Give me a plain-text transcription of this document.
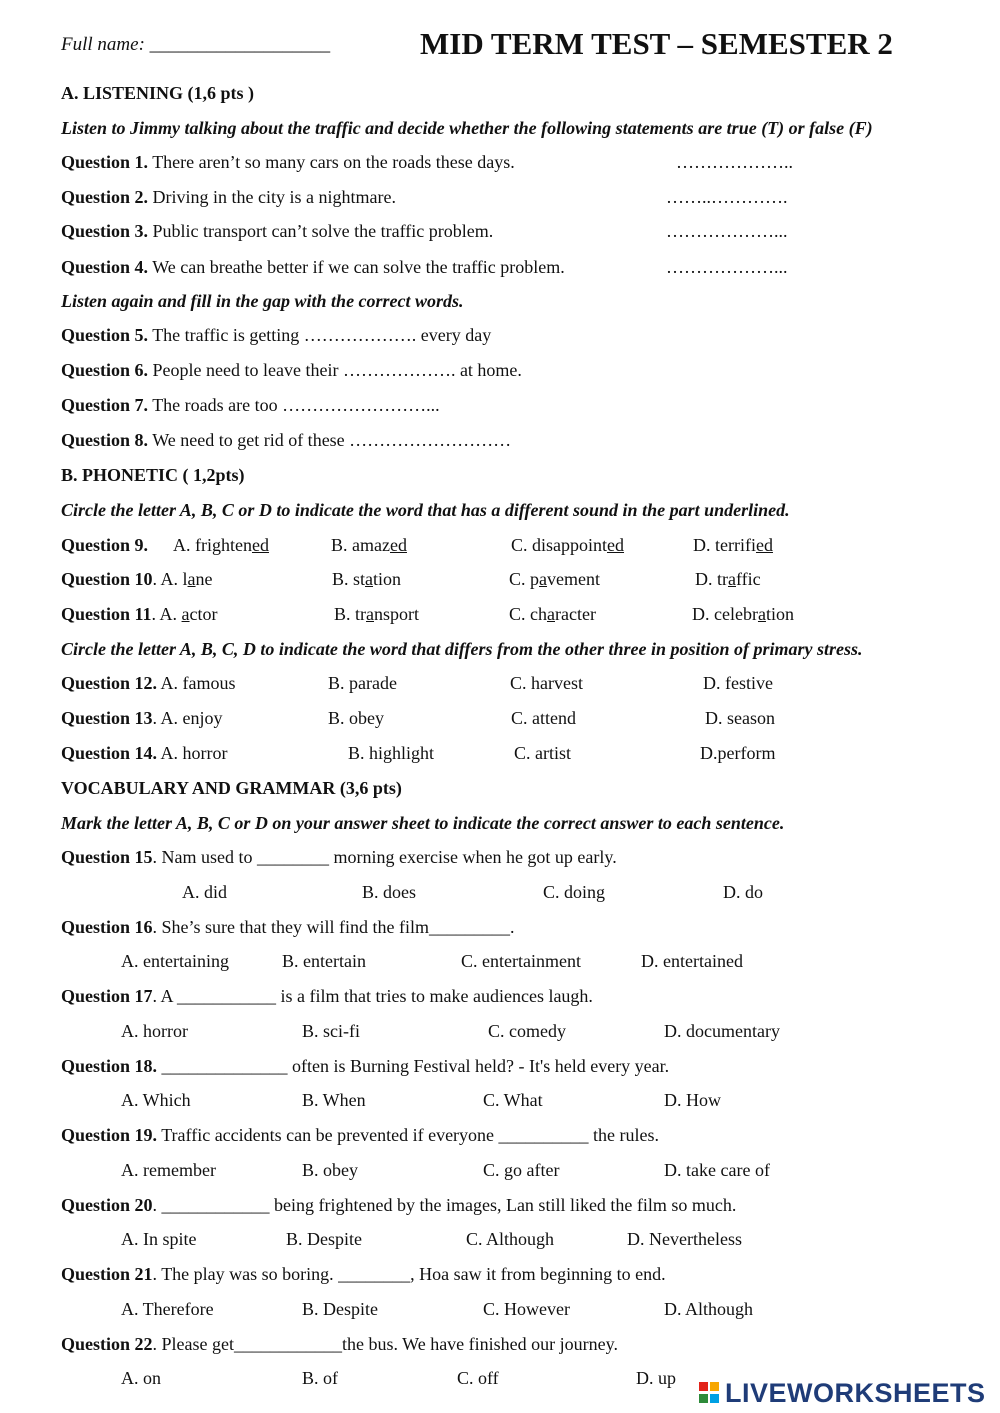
Full name: ___________________	MID TERM TEST – SEMESTER 2
A. LISTENING (1,6 pts )
Listen to Jimmy talking about the traffic and decide whether the following statements are true (T) or false (F)
Question 1. There aren’t so many cars on the roads these days.	………………..
Question 2. Driving in the city is a nightmare.	……..………….
Question 3. Public transport can’t solve the traffic problem.	………………...
Question 4. We can breathe better if we can solve the traffic problem.	………………...
Listen again and fill in the gap with the correct words.
Question 5. The traffic is getting ………………. every day
Question 6. People need to leave their ………………. at home.
Question 7. The roads are too ……………………...
Question 8. We need to get rid of these ………………………
B. PHONETIC ( 1,2pts)
Circle the letter A, B, C or D to indicate the word that has a different sound in the part underlined.
Question 9. A. frightened	B. amazed	C. disappointed	D. terrified
Question 10. A. lane	B. station	C. pavement	D. traffic
Question 11. A. actor	B. transport	C. character	D. celebration
Circle the letter A, B, C, D to indicate the word that differs from the other three in position of primary stress.
Question 12. A. famous	B. parade	C. harvest	D. festive
Question 13. A. enjoy	B. obey	C. attend	D. season
Question 14. A. horror	B. highlight	C. artist	D.perform
VOCABULARY AND GRAMMAR (3,6 pts)
Mark the letter A, B, C or D on your answer sheet to indicate the correct answer to each sentence.
Question 15. Nam used to ________ morning exercise when he got up early.
A. did	B. does	C. doing	D. do
Question 16. She’s sure that they will find the film_________.
A. entertaining	B. entertain	C. entertainment	D. entertained
Question 17. A ___________ is a film that tries to make audiences laugh.
A. horror	B. sci-fi	C. comedy	D. documentary
Question 18. ______________ often is Burning Festival held? - It's held every year.
A. Which	B. When	C. What	D. How
Question 19. Traffic accidents can be prevented if everyone __________ the rules.
A. remember	B. obey	C. go after	D. take care of
Question 20. ____________ being frightened by the images, Lan still liked the film so much.
A. In spite	B. Despite	C. Although	D. Nevertheless
Question 21. The play was so boring. ________, Hoa saw it from beginning to end.
A. Therefore	B. Despite	C. However	D. Although
Question 22. Please get____________the bus. We have finished our journey.
A. on	B. of	C. off	D. up LIVEWORKSHEETS
